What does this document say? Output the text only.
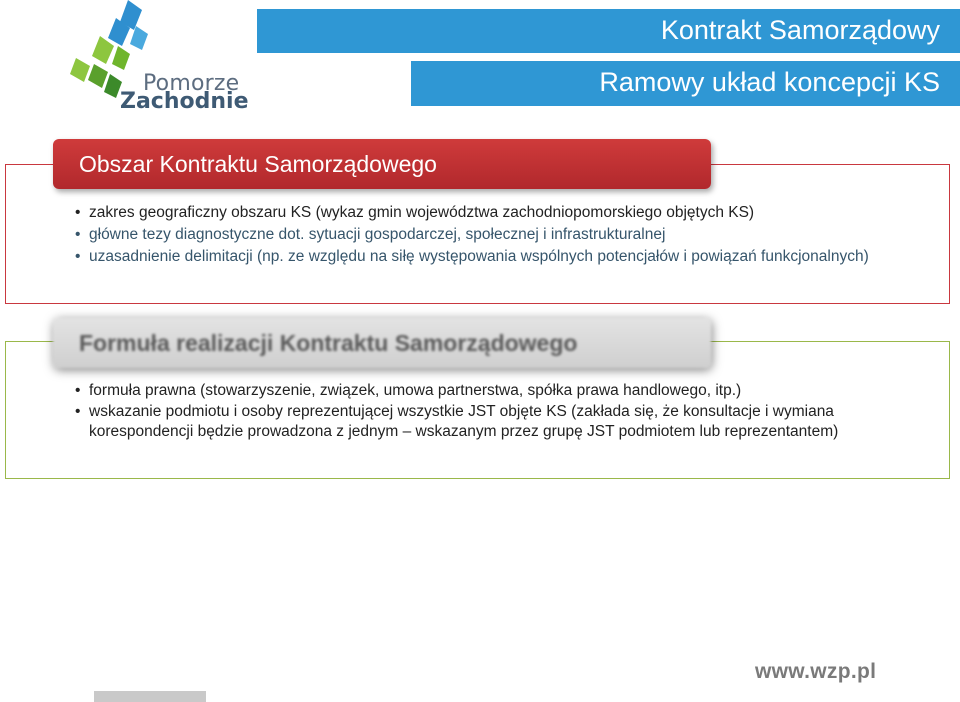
Pomorze
Zachodnie
Kontrakt Samorządowy
Ramowy układ koncepcji KS
Obszar Kontraktu Samorządowego
• zakres geograficzny obszaru KS (wykaz gmin województwa zachodniopomorskiego objętych KS)
• główne tezy diagnostyczne dot. sytuacji gospodarczej, społecznej i infrastrukturalnej
• uzasadnienie delimitacji (np. ze względu na siłę występowania wspólnych potencjałów i powiązań funkcjonalnych)
Formuła realizacji Kontraktu Samorządowego
• formuła prawna (stowarzyszenie, związek, umowa partnerstwa, spółka prawa handlowego, itp.)
• wskazanie podmiotu i osoby reprezentującej wszystkie JST objęte KS (zakłada się, że konsultacje i wymiana korespondencji będzie prowadzona z jednym – wskazanym przez grupę JST podmiotem lub reprezentantem)
www.wzp.pl
